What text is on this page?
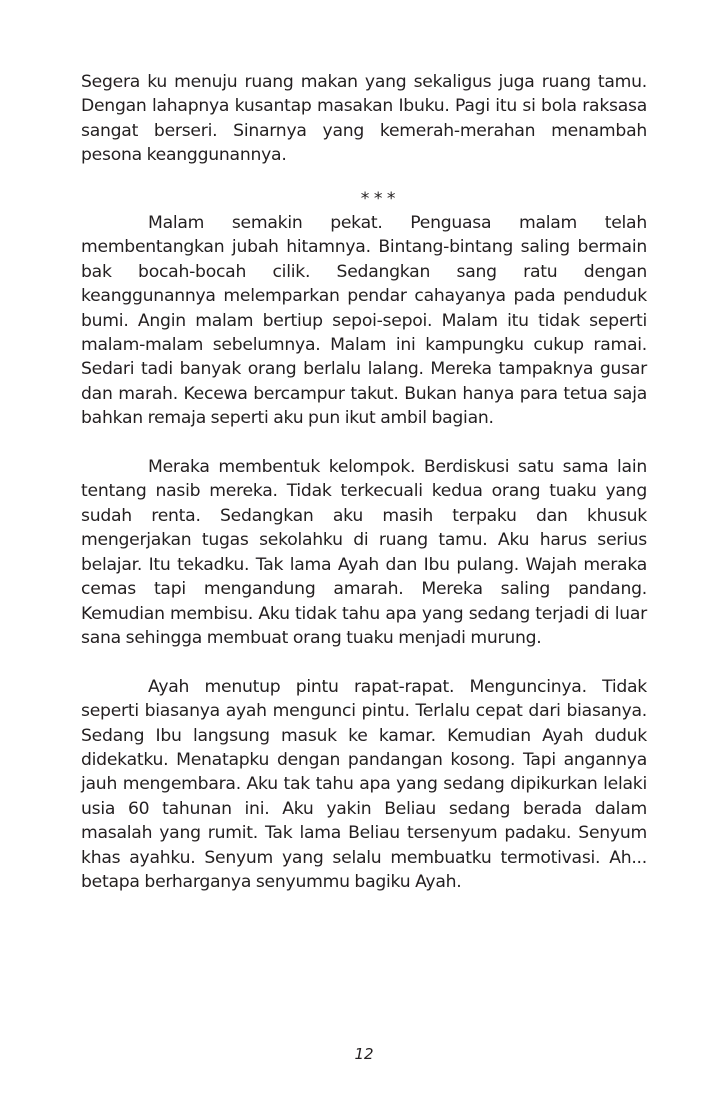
Segera ku menuju ruang makan yang sekaligus juga ruang tamu. Dengan lahapnya kusantap masakan Ibuku. Pagi itu si bola raksasa sangat berseri. Sinarnya yang kemerah-merahan menambah pesona keanggunannya.

* * *

Malam semakin pekat. Penguasa malam telah membentangkan jubah hitamnya. Bintang-bintang saling bermain bak bocah-bocah cilik. Sedangkan sang ratu dengan keanggunannya melemparkan pendar cahayanya pada penduduk bumi. Angin malam bertiup sepoi-sepoi. Malam itu tidak seperti malam-malam sebelumnya. Malam ini kampungku cukup ramai. Sedari tadi banyak orang berlalu lalang. Mereka tampaknya gusar dan marah. Kecewa bercampur takut. Bukan hanya para tetua saja bahkan remaja seperti aku pun ikut ambil bagian.

Meraka membentuk kelompok. Berdiskusi satu sama lain tentang nasib mereka. Tidak terkecuali kedua orang tuaku yang sudah renta. Sedangkan aku masih terpaku dan khusuk mengerjakan tugas sekolahku di ruang tamu. Aku harus serius belajar. Itu tekadku. Tak lama Ayah dan Ibu pulang. Wajah meraka cemas tapi mengandung amarah. Mereka saling pandang. Kemudian membisu. Aku tidak tahu apa yang sedang terjadi di luar sana sehingga membuat orang tuaku menjadi murung.

Ayah menutup pintu rapat-rapat. Menguncinya. Tidak seperti biasanya ayah mengunci pintu. Terlalu cepat dari biasanya. Sedang Ibu langsung masuk ke kamar. Kemudian Ayah duduk didekatku. Menatapku dengan pandangan kosong. Tapi angannya jauh mengembara. Aku tak tahu apa yang sedang dipikurkan lelaki usia 60 tahunan ini. Aku yakin Beliau sedang berada dalam masalah yang rumit. Tak lama Beliau tersenyum padaku. Senyum khas ayahku. Senyum yang selalu membuatku termotivasi. Ah... betapa berharganya senyummu bagiku Ayah.

12
